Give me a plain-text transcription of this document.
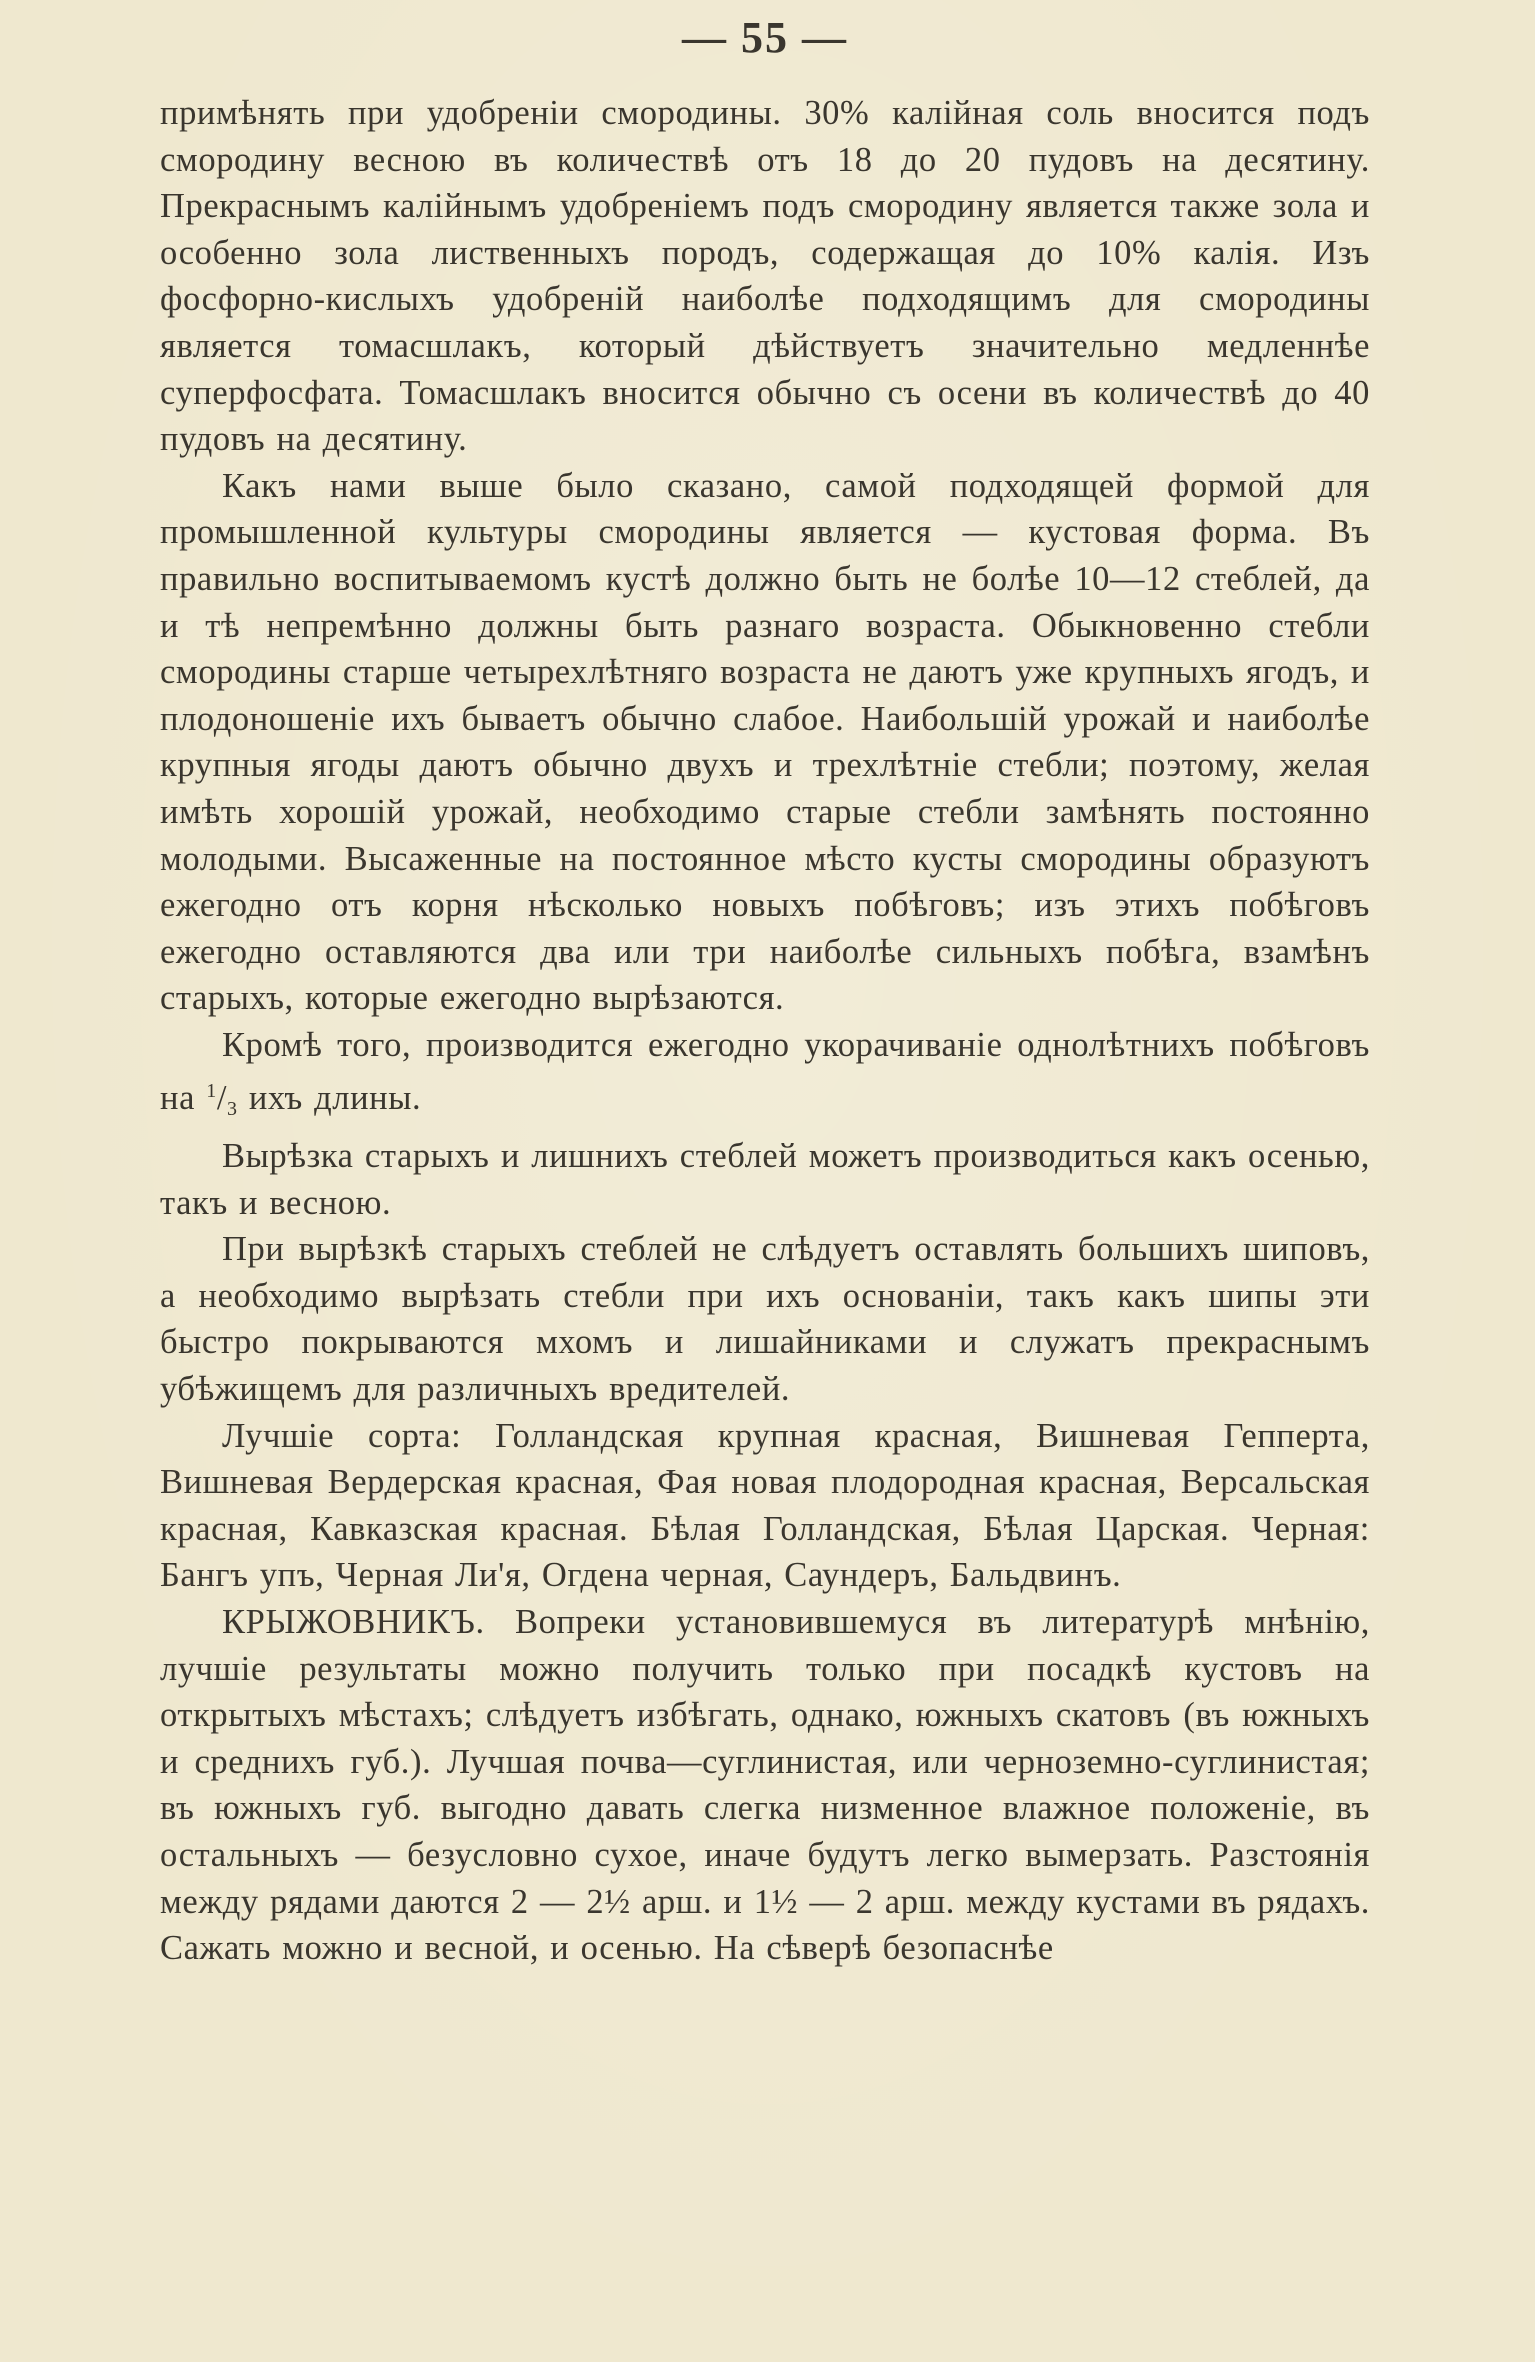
— 55 —

примѣнять при удобреніи смородины. 30% калійная соль вносится подъ смородину весною въ количествѣ отъ 18 до 20 пудовъ на десятину. Прекраснымъ калійнымъ удобреніемъ подъ смородину является также зола и особенно зола лиственныхъ породъ, содержащая до 10% калія. Изъ фосфорно-кислыхъ удобреній наиболѣе подходящимъ для смородины является томасшлакъ, который дѣйствуетъ значительно медленнѣе суперфосфата. Томасшлакъ вносится обычно съ осени въ количествѣ до 40 пудовъ на десятину.

Какъ нами выше было сказано, самой подходящей формой для промышленной культуры смородины является — кустовая форма. Въ правильно воспитываемомъ кустѣ должно быть не болѣе 10—12 стеблей, да и тѣ непремѣнно должны быть разнаго возраста. Обыкновенно стебли смородины старше четырехлѣтняго возраста не даютъ уже крупныхъ ягодъ, и плодоношеніе ихъ бываетъ обычно слабое. Наибольшій урожай и наиболѣе крупныя ягоды даютъ обычно двухъ и трехлѣтніе стебли; поэтому, желая имѣть хорошій урожай, необходимо старые стебли замѣнять постоянно молодыми. Высаженные на постоянное мѣсто кусты смородины образуютъ ежегодно отъ корня нѣсколько новыхъ побѣговъ; изъ этихъ побѣговъ ежегодно оставляются два или три наиболѣе сильныхъ побѣга, взамѣнъ старыхъ, которые ежегодно вырѣзаются.

Кромѣ того, производится ежегодно укорачиваніе однолѣтнихъ побѣговъ на $^1/_3$ ихъ длины.

Вырѣзка старыхъ и лишнихъ стеблей можетъ производиться какъ осенью, такъ и весною.

При вырѣзкѣ старыхъ стеблей не слѣдуетъ оставлять большихъ шиповъ, а необходимо вырѣзать стебли при ихъ основаніи, такъ какъ шипы эти быстро покрываются мхомъ и лишайниками и служатъ прекраснымъ убѣжищемъ для различныхъ вредителей.

Лучшіе сорта: Голландская крупная красная, Вишневая Гепперта, Вишневая Вердерская красная, Фая новая плодородная красная, Версальская красная, Кавказская красная. Бѣлая Голландская, Бѣлая Царская. Черная: Бангъ упъ, Черная Ли'я, Огдена черная, Саундеръ, Бальдвинъ.

КРЫЖОВНИКЪ. Вопреки установившемуся въ литературѣ мнѣнію, лучшіе результаты можно получить только при посадкѣ кустовъ на открытыхъ мѣстахъ; слѣдуетъ избѣгать, однако, южныхъ скатовъ (въ южныхъ и среднихъ губ.). Лучшая почва—суглинистая, или черноземно-суглинистая; въ южныхъ губ. выгодно давать слегка низменное влажное положеніе, въ остальныхъ — безусловно сухое, иначе будутъ легко вымерзать. Разстоянія между рядами даются 2 — 2½ арш. и 1½ — 2 арш. между кустами въ рядахъ. Сажать можно и весной, и осенью. На сѣверѣ безопаснѣе
